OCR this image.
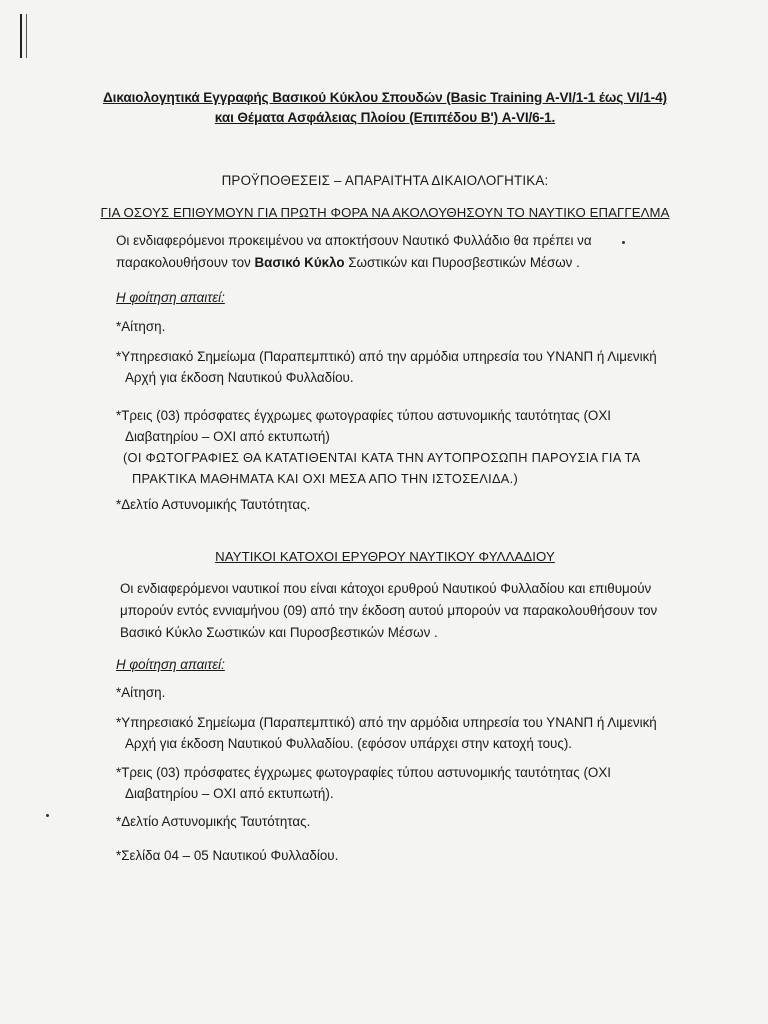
Δικαιολογητικά Εγγραφής Βασικού Κύκλου Σπουδών (Basic Training A-VI/1-1 έως VI/1-4)
και Θέματα Ασφάλειας Πλοίου (Επιπέδου Β') A-VI/6-1.
ΠΡΟΫΠΟΘΕΣΕΙΣ – ΑΠΑΡΑΙΤΗΤΑ ΔΙΚΑΙΟΛΟΓΗΤΙΚΑ:
ΓΙΑ ΟΣΟΥΣ ΕΠΙΘΥΜΟΥΝ ΓΙΑ ΠΡΩΤΗ ΦΟΡΑ ΝΑ ΑΚΟΛΟΥΘΗΣΟΥΝ ΤΟ ΝΑΥΤΙΚΟ ΕΠΑΓΓΕΛΜΑ
Οι ενδιαφερόμενοι προκειμένου να αποκτήσουν Ναυτικό Φυλλάδιο θα πρέπει να παρακολουθήσουν τον Βασικό Κύκλο Σωστικών και Πυροσβεστικών Μέσων .
Η φοίτηση απαιτεί:
*Αίτηση.
*Υπηρεσιακό Σημείωμα (Παραπεμπτικό) από την αρμόδια υπηρεσία του ΥΝΑΝΠ ή Λιμενική
Αρχή για έκδοση Ναυτικού Φυλλαδίου.
*Τρεις (03) πρόσφατες έγχρωμες φωτογραφίες τύπου αστυνομικής ταυτότητας (ΟΧΙ
Διαβατηρίου – ΟΧΙ από εκτυπωτή)
(ΟΙ ΦΩΤΟΓΡΑΦΙΕΣ ΘΑ ΚΑΤΑΤΙΘΕΝΤΑΙ ΚΑΤΑ ΤΗΝ ΑΥΤΟΠΡΟΣΩΠΗ ΠΑΡΟΥΣΙΑ ΓΙΑ ΤΑ
ΠΡΑΚΤΙΚΑ ΜΑΘΗΜΑΤΑ ΚΑΙ ΟΧΙ ΜΕΣΑ ΑΠΟ ΤΗΝ ΙΣΤΟΣΕΛΙΔΑ.)
*Δελτίο Αστυνομικής Ταυτότητας.
ΝΑΥΤΙΚΟΙ ΚΑΤΟΧΟΙ ΕΡΥΘΡΟΥ ΝΑΥΤΙΚΟΥ ΦΥΛΛΑΔΙΟΥ
Οι ενδιαφερόμενοι ναυτικοί που είναι κάτοχοι ερυθρού Ναυτικού Φυλλαδίου και επιθυμούν μπορούν εντός εννιαμήνου (09) από την έκδοση αυτού μπορούν να παρακολουθήσουν τον Βασικό Κύκλο Σωστικών και Πυροσβεστικών Μέσων .
Η φοίτηση απαιτεί:
*Αίτηση.
*Υπηρεσιακό Σημείωμα (Παραπεμπτικό) από την αρμόδια υπηρεσία του ΥΝΑΝΠ ή Λιμενική
Αρχή για έκδοση Ναυτικού Φυλλαδίου. (εφόσον υπάρχει στην κατοχή τους).
*Τρεις (03) πρόσφατες έγχρωμες φωτογραφίες τύπου αστυνομικής ταυτότητας (ΟΧΙ
Διαβατηρίου – ΟΧΙ από εκτυπωτή).
*Δελτίο Αστυνομικής Ταυτότητας.
*Σελίδα 04 – 05 Ναυτικού Φυλλαδίου.
